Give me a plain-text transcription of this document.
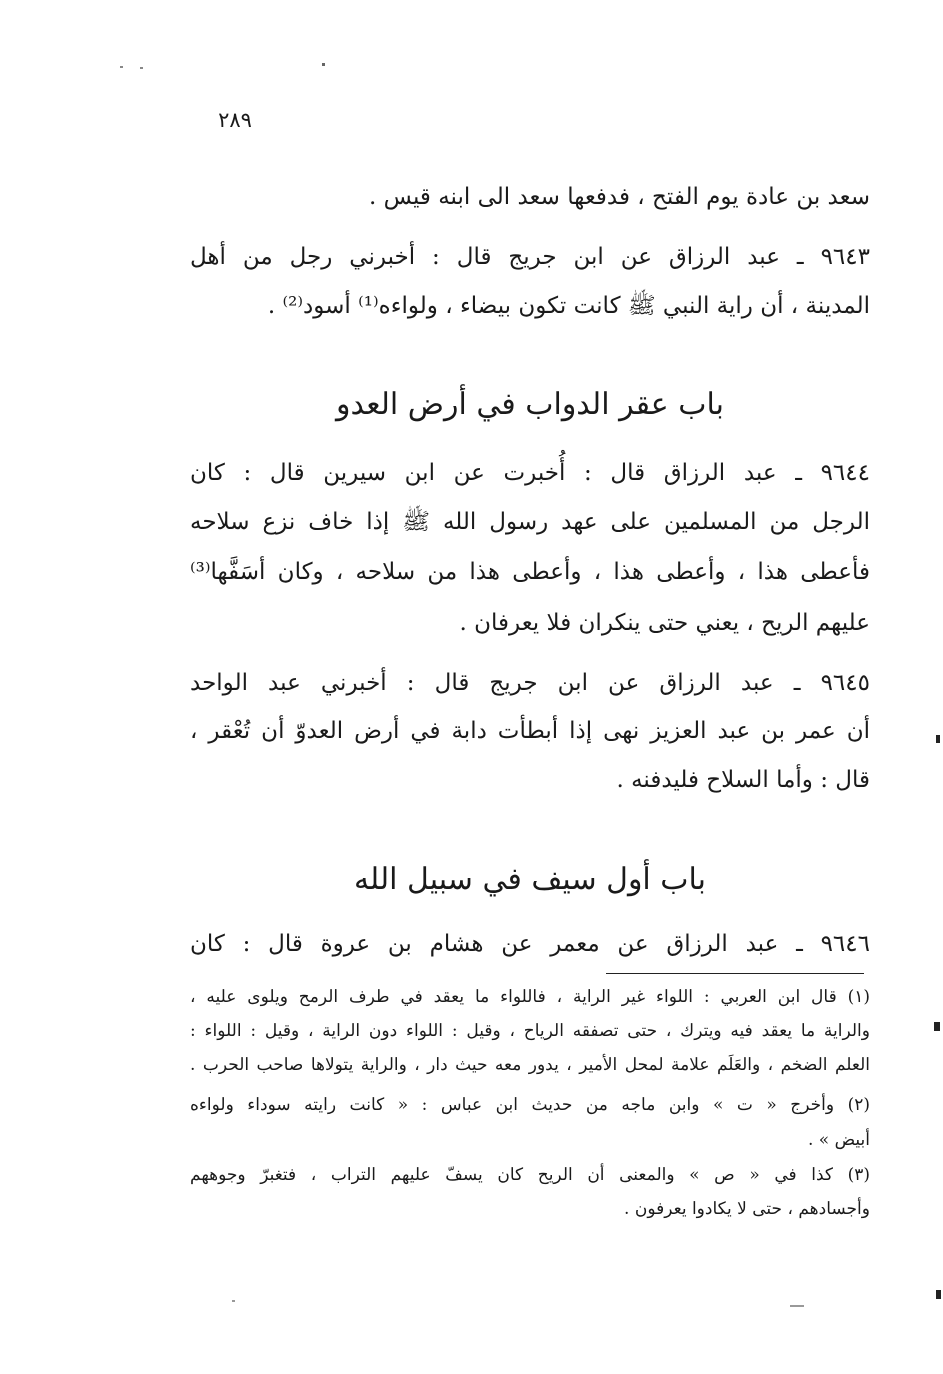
٢٨٩
سعد بن عادة يوم الفتح ، فدفعها سعد الى ابنه قيس .
٩٦٤٣ ـ عبد الرزاق عن ابن جريج قال : أخبرني رجل من أهل
المدينة ، أن راية النبي ﷺ كانت تكون بيضاء ، ولواءه⁽¹⁾ أسود⁽²⁾ .
باب عقر الدواب في أرض العدو
٩٦٤٤ ـ عبد الرزاق قال : أُخبرت عن ابن سيرين قال : كان
الرجل من المسلمين على عهد رسول الله ﷺ إذا خاف نزع سلاحه
فأعطى هذا ، وأعطى هذا ، وأعطى هذا من سلاحه ، وكان أسَفَّها⁽³⁾
عليهم الريح ، يعني حتى ينكران فلا يعرفان .
٩٦٤٥ ـ عبد الرزاق عن ابن جريج قال : أخبرني عبد الواحد
أن عمر بن عبد العزيز نهى إذا أبطأت دابة في أرض العدوّ أن تُعْقر ،
قال : وأما السلاح فليدفنه .
باب أول سيف في سبيل الله
٩٦٤٦ ـ عبد الرزاق عن معمر عن هشام بن عروة قال : كان
(١) قال ابن العربي : اللواء غير الراية ، فاللواء ما يعقد في طرف الرمح ويلوى عليه ،
والراية ما يعقد فيه ويترك ، حتى تصفقه الرياح ، وقيل : اللواء دون الراية ، وقيل : اللواء :
العلم الضخم ، والعَلَم علامة لمحل الأمير ، يدور معه حيث دار ، والراية يتولاها صاحب الحرب .
(٢) وأخرج « ت » وابن ماجه من حديث ابن عباس : « كانت رايته سوداء ولواءه
أبيض » .
(٣) كذا في « ص » والمعنى أن الريح كان يسفّ عليهم التراب ، فتغبرّ وجوههم
وأجسادهم ، حتى لا يكادوا يعرفون .
